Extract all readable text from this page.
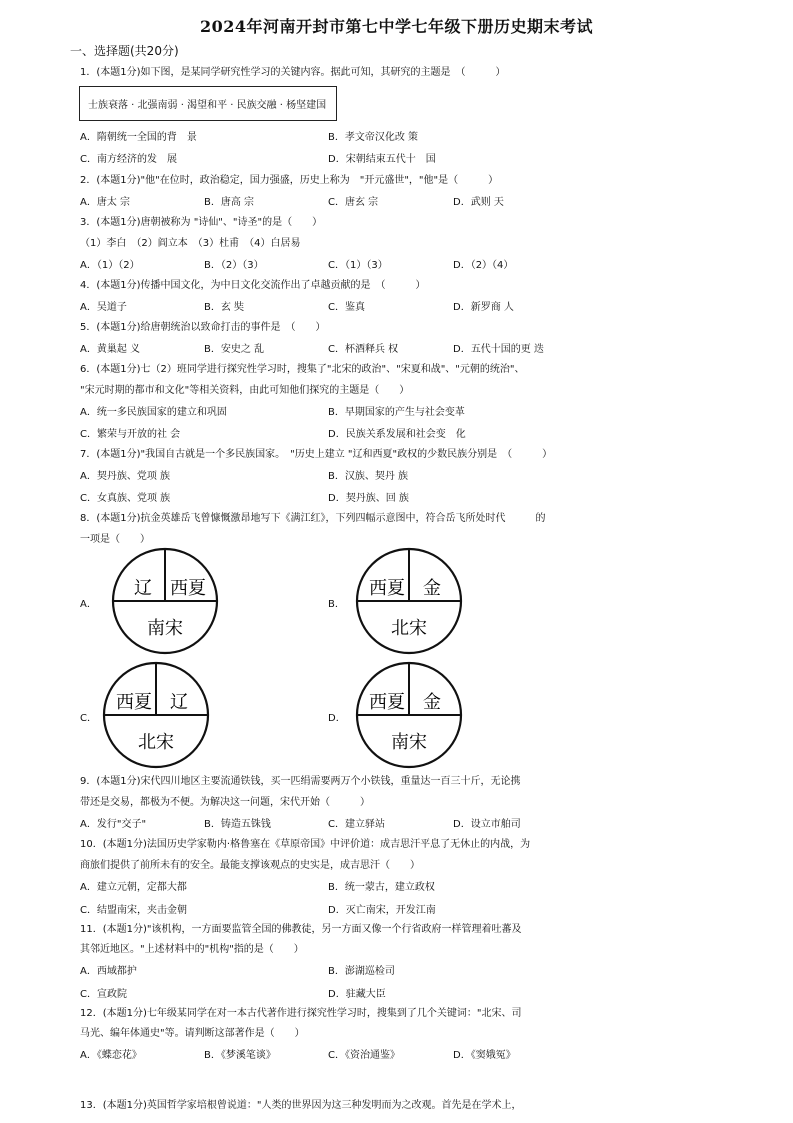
2024年河南开封市第七中学七年级下册历史期末考试
一、选择题(共20分)
1．(本题1分)如下图，是某同学研究性学习的关键内容。据此可知，其研究的主题是　（　　　）
士族衰落 · 北强南弱 · 渴望和平 · 民族交融 · 杨坚建国
A．隋朝统一全国的背　景	B．孝文帝汉化改 策
C．南方经济的发　展	D．宋朝结束五代十　国
2．(本题1分)"他"在位时，政治稳定，国力强盛，历史上称为　"开元盛世"，"他"是（　　　）
A．唐太 宗	B．唐高 宗	C．唐玄 宗	D．武则 天
3．(本题1分)唐朝被称为 "诗仙"、"诗圣"的是（　　）
（1）李白　（2）阎立本　（3）杜甫　（4）白居易
A．（1）（2）	B．（2）（3）	C．（1）（3）	D．（2）（4）
4．(本题1分)传播中国文化，为中日文化交流作出了卓越贡献的是　（　　　）
A．吴道子	B．玄 奘	C．鉴真	D．新罗商 人
5．(本题1分)给唐朝统治以致命打击的事件是　（　　）
A．黄巢起 义	B．安史之 乱	C．杯酒释兵 权	D．五代十国的更 迭
6．(本题1分)七（2）班同学进行探究性学习时，搜集了"北宋的政治"、"宋夏和战"、"元朝的统治"、
"宋元时期的都市和文化"等相关资料，由此可知他们探究的主题是（　　）
A．统一多民族国家的建立和巩固	B．早期国家的产生与社会变革
C．繁荣与开放的社 会	D．民族关系发展和社会变　化
7．(本题1分)"我国自古就是一个多民族国家。　"历史上建立 "辽和西夏"政权的少数民族分别是　（　　　）
A．契丹族、党项 族	B．汉族、契丹 族
C．女真族、党项 族	D．契丹族、回 族
8．(本题1分)抗金英雄岳飞曾慷慨激昂地写下《满江红》，下列四幅示意图中，符合岳飞所处时代　　　的
一项是（　　）
A．
辽 西夏
南宋
B．
西夏 金
北宋
C．
西夏 辽
北宋
D．
西夏 金
南宋
9．(本题1分)宋代四川地区主要流通铁钱，买一匹绢需要两万个小铁钱，重量达一百三十斤，无论携
带还是交易，都极为不便。为解决这一问题，宋代开始（　　　）
A．发行"交子"	B．铸造五铢钱	C．建立驿站	D．设立市舶司
10．(本题1分)法国历史学家勒内·格鲁塞在《草原帝国》中评价道：成吉思汗平息了无休止的内战，为
商旅们提供了前所未有的安全。最能支撑该观点的史实是，成吉思汗（　　）
A．建立元朝，定都大都	B．统一蒙古，建立政权
C．结盟南宋，夹击金朝	D．灭亡南宋，开发江南
11．(本题1分)"该机构，一方面要监管全国的佛教徒，另一方面又像一个行省政府一样管理着吐蕃及
其邻近地区。"上述材料中的"机构"指的是（　　）
A．西域都护	B．澎湖巡检司
C．宣政院	D．驻藏大臣
12．(本题1分)七年级某同学在对一本古代著作进行探究性学习时，搜集到了几个关键词："北宋、司
马光、编年体通史"等。请判断这部著作是（　　）
A．《蝶恋花》	B．《梦溪笔谈》	C．《资治通鉴》	D．《窦娥冤》
13．(本题1分)英国哲学家培根曾说道："人类的世界因为这三种发明而为之改观。首先是在学术上，
